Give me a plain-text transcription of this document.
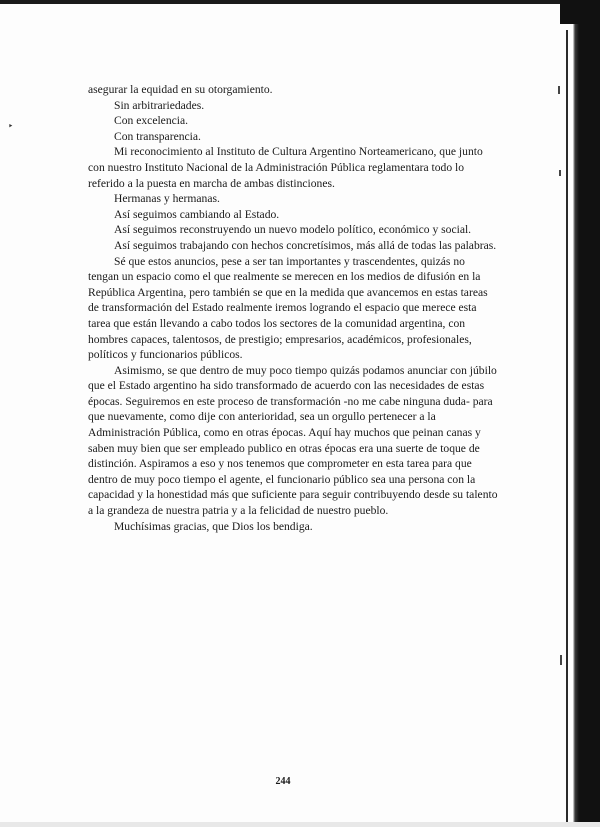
‣

asegurar la equidad en su otorgamiento.

Sin arbitrariedades.

Con excelencia.

Con transparencia.

Mi reconocimiento al Instituto de Cultura Argentino Norteamericano, que junto con nuestro Instituto Nacional de la Administración Pública reglamentara todo lo referido a la puesta en marcha de ambas distinciones.

Hermanas y hermanas.

Así seguimos cambiando al Estado.

Así seguimos reconstruyendo un nuevo modelo político, económico y social.

Así seguimos trabajando con hechos concretísimos, más allá de todas las palabras.

Sé que estos anuncios, pese a ser tan importantes y trascendentes, quizás no tengan un espacio como el que realmente se merecen en los medios de difusión en la República Argentina, pero también se que en la medida que avancemos en estas tareas de transformación del Estado realmente iremos logrando el espacio que merece esta tarea que están llevando a cabo todos los sectores de la comunidad argentina, con hombres capaces, talentosos, de prestigio; empresarios, académicos, profesionales, políticos y funcionarios públicos.

Asimismo, se que dentro de muy poco tiempo quizás podamos anunciar con júbilo que el Estado argentino ha sido transformado de acuerdo con las necesidades de estas épocas. Seguiremos en este proceso de transformación -no me cabe ninguna duda- para que nuevamente, como dije con anterioridad, sea un orgullo pertenecer a la Administración Pública, como en otras épocas. Aquí hay muchos que peinan canas y saben muy bien que ser empleado publico en otras épocas era una suerte de toque de distinción. Aspiramos a eso y nos tenemos que comprometer en esta tarea para que dentro de muy poco tiempo el agente, el funcionario público sea una persona con la capacidad y la honestidad más que suficiente para seguir contribuyendo desde su talento a la grandeza de nuestra patria y a la felicidad de nuestro pueblo.

Muchísimas gracias, que Dios los bendiga.

244
